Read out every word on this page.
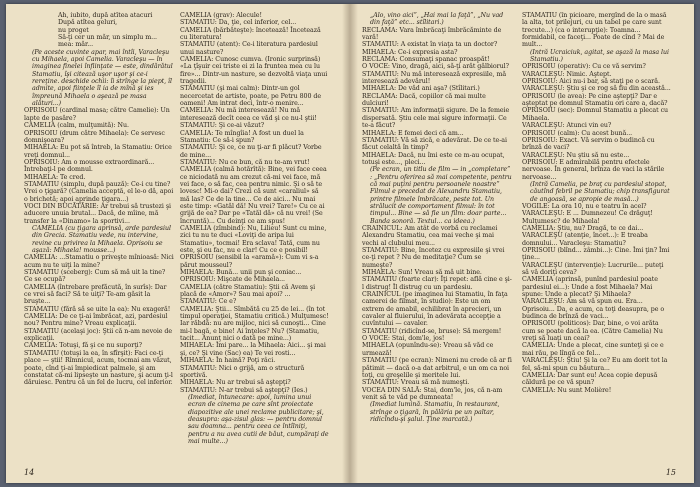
Ah, iubito, după atîtea atacuri

După atîtea geluri,

nu proget

Să-ţi cer un măr, un simplu m...

mea: măr...

(Pe aceste cuvinte apar, mai întîi, Varacleşu cu Mihaela, apoi Camelia. Varacleşu — în imaginea finelei înfiinţate — este, dindărătul Stamatiu, îşi citează uşor uşor şi ce-i rereţine. deschide ochii: îi strînge la piept, îl admite, apoi fiinţele îl ia de mînă şi ies împreună Mihaela o aşează pe masa alături...)

OPRISOIU (cardinal masa; către Camelie): Un lapte de pasăre?

CAMELIA (calm, mulţumită): Nu.

OPRISOIU (drum către Mihaela): Ce servesc domnişoara?

MIHAELA: Eu pot să întreb, la Stamatiu: Orice vreţi domnul...

OPRISOIU: Am o mousse extraordinară... Întrebaţi-l pe domnul.

MIHAELA: Te cred.

STAMATIU (simplu, după pauză): Ce-i cu tine? Vrei o ţigară? (Camelia acceptă, el le-o dă, apoi o brichetă; apoi aprinde ţigara...)

VOCI DIN BUCĂTĂRIE: Ar trebui să trustezi şi aducere unuia brutal... Dacă, de mîine, mă transfer la «Dinamo» la sportivi...

CAMELIA (cu ţigara aprinsă, arde pardesiul din Grecia. Stamatiu vede, nu intervine, revine cu privirea la Mihaela. Oprisoiu se aşază: Mihaela! mousse...)

CAMELIA: ...Stamatiu o priveşte mînioasă: Nici acum nu te uiţi la mine?

STAMATIU (sceberg): Cum să mă uit la tine? Ce se ocupă?

CAMELIA (întrebare prefăcută, în surîs): Dar ce vrei să faci? Să te uiţi? Te-am găsit la bruşte...

STAMATIU (fără să se uite la ea): Nu exageră!

CAMELIA: De ce ţi-ai îmbrăcat, azi, pardesiul nou? Pentru mine? Vreau explicaţii.

STAMATIU (acelaşi joc): Ştii că n-am nevoie de explicaţii.

CAMELIA: Totuşi, fă şi ce nu suporţi?

STAMATIU (totuşi la ea, în sfîrşit): Faci ce-ţi place — ştii! Rîmnicul, acum, tocmai am văzut, poate, cînd ţi-ai împiedicat palmele, şi am constatat că-mi lipseşte un nasture, şi acum ţi-l dăruiesc. Pentru că un fel de lucru, cel inferior.

CAMELIA (grav): Alecule!

STAMATIU: Da, ţie, cel inferior, cel...

CAMELIA (bărbăteşte): încetează! Încetează cu literatura!

STAMATIU (atent): Ce-i literatura pardesiul unui nasture?

CAMELIA: Cunosc cumva. (Ironic surprinsă) «La ţîşuir cei triste ei zi la fruntea mea cu lu fire»... Dintr-un nasture, se dezvoltă viaţa unui tragedii.

STAMATIU (şi mai calm): Dintr-un gol necercetat de artiste, poate, pe Petru 800 de oameni! Am intrat deci, într-o menire...

CAMELIA: Nu mă interesează! Nu mă interesează decît ceea ce văd şi ce nu-l ştii!

STAMATIU: Şi ce-ai văzut?

CAMELIA: Te mîngîia! A fost un duel la Stamatiu: Ce să-i spun?

STAMATIU: Şi ce, ce nu ţi-ar fi plăcut? Vorbe de mine...

STAMATIU: Nu ce bun, că nu te-am vrut!

CAMELIA (calmă hotărîtă): Bine, vei face ceea ce niciodată nu am crezut că-mi vei face, mă vei face, o să fac, cea pentru nimic. Şi o să te lovesc! Mi-o dai? Crezi că sunt «caraliul» să mă las? Ce de la tine... Ce de aici... Nu mai este timp: «Gatăl dă! Nu vrei? Tare!» Cu ce ai grijă de ea? Dar pe «Tatăl dă» că nu vrei! (Se încruntă)... Cu deinţi ce am spus!

CAMELIA (zîmbind): Nu, Lilieu! Sunt cu mine, zici tu nu te duci «Loviţi de aripa lui Stamatiu», tocmai! Era sclava! Tată, cum nu este, şi eu fac, nu e clar! Cu ce e posibil!

OPRISOIU (sensibil la «aramă»): Cum vi s-a părut mousseul?

MIHAELA: Bună... unii pun şi coniac...

OPRISOIU: Mişcate de Mihaela...

CAMELIA (către Stamatiu): Ştii că Avem şi placă de «Amor»? Sau mai apoi? ...

STAMATIU: Ce e?

CAMELIA: Ştii... Sîmbătă cu 25 de lei... (în tot timpul operaţiei, Stamatiu critică.) Mulţumesc! Iar răbdă: nu are mijloc, nici să cunoşti... Cine mi-l bagă, e bine! Ai înţeles? Nu? (Stamatiu, tacit... Anunţ nici o dată pe mine...)

MIHAELA: Îmi pare... la Mihaela: Aici... şi mai şi, ce? Şi vine (Sac) ea) Te vei rosti...

MIHAELA: În haină? Poţi râci.

STAMATIU: Nici o grijă, am o structură sportivă.

MIHAELA: Nu ar trebui să aştepţi?

STAMATIU: N-ar trebui să aştepţi? (Ies.)

(Imediat, întunecare: apoi, lumina unui ecran de cinema pe care sînt proiectate diapozitive ale unei reclame publicitare; şi, deasupra: aşa-zisul glas: — pentru domnul sau doamna... pentru ceea ce întîlniţi, pentru a nu avea cutii de băut, cumpăraţi de mai multe...)

14

„Alo, vino aici”, „Hai mai la faţă”, „Nu vad din faţă” etc... stîlitari.)

RECLAMA: Vara îmbrăcaţi îmbrăcăminte de vară!

STAMATIU: A existat în viaţa ta un doctor?

MIHAELA: Ce-i expresia asta?

RECLAMA: Consumaţi spanac proaspăt!

O VOCE: Vino, dragă, aici, să-ţi arăt gălbiorul?

STAMATIU: Nu mă interesează expresiile, mă interesează adevărul!

MIHAELA: De văd ani aşa? (Stîlitari.)

RECLAMA: Dacă, copiilor că mai multe dulciuri!

STAMATIU: Am informaţii sigure. De la femeie dispersată. Ştiu cele mai sigure informaţii. Ce te-a făcut?

MIHAELA: E femei deci că am...

STAMATIU: Vă să zică, e adevărat. De ce te-ai făcut celaltă în timp?

MIHAELA: Dacă, nu îmi este ce m-au ocupat, totuşi este..., pleci...

(Pe ecran, un titlu de film — in „completare” : „Pentru oferirea să mai competente, pentru că mai puţini pentru persoanele noastre” Filmul e precedat de Alexandru Stamatiu, printre filmele îmbrăcate, peste tot. Un strălucit de comportament filmul: în tot timpul... Bine — să fie un film: doar parte... Banda sonoră. Textul... ca ideea.)

CRAINICUL: Am atât de vorbă cu reclamei Alexandru Stamatiu, cea mai veche şi mai vechi al clubului meu...

STAMATIU: Bine, încetez cu expresiile şi vrei ce-ţi repet ? Nu de meditaţie? Cum se numeşte?

MIHAELA: Sun! Vreau să mă uit bine.

STAMATIU (foarte clar): Îţi repet: află cine e şi-l distrug! Îl distrug cu un pardesiu.

CRAINICUL (pe imaginea lui Stamatiu, în faţa camerei de filmat, în studio): Este un om extrem de amabil, echilibrat în aprecieri, un cavaler al fluierului, în adevărata accepţie a cuvîntului — cavaler.

STAMATIU (ridicînd-se, bruse): Să mergem!

O VOCE: Stai, dom'le, jos!

MIHAELA (opunîndu-se): Vreau să văd ce urmează!

STAMATIU (pe ecran): Nimeni nu crede că ar fi pătimit — dacă o-a dat arbitrul, e un om ca noi toţi, cu greşelile şi meritele lui.

STAMATIU: Vreau să mă numeşti.

VOCEA DIN SALĂ: Stai, dom'le, jos, că n-am venit să te văd pe dumneata!

(Imediat lumină. Stamatiu, în restaurant, strînge o ţigară, în pălăria pe un paltar, ridicîndu-şi şalul. Ţine marcată.)

STAMATIU (în picioare, mergînd de la o masă la alta, tot prilejuri, cu un tabel pe care sunt trecute...) (ca o interupţie): Toamna... formidabil, ce faceţi... Poate de cînd ? Mai de mult...

(Intră Ucraiciuk, agitat, se aşază la masa lui Stamatiu.)

OPRISOIU (operativ): Cu ce vă servim?

VARACLEŞU: Nimic. Aştept.

OPRISOIU: Aici nu-i bar, să staţi pe o scară.

VARACLEŞU: Ştiu şi ce rog să fiu din această...

OPRISOIU (le avea): Pe cine aştepţi? Dar e aşteptat pe domnul Stamatiu ori care a, dacă?

OPRISOIU (sec): Domnul Stamatiu a plecat cu Mihaela.

VARACLEŞU: Atunci vin eu?

OPRISOIU (calm): Cu acest bună...

OPRISOIU: Exact. Vă servim o budincă cu brînză de vaci?

VARACLEŞU: Nu ştiu să nu este...

OPRISOIU: E admirabilă pentru efectele nervoase. În general, brînza de vaci la stările nervoase...

(Intră Camelia, pe braţ cu pardesiul stopat, căutînd febril pe Stamatiu; chip transfigurat de angoasă, se apropie de masă...)

VOGILE: La ora 10, nu e teatru în acel?

VARACLEŞU: E ... Dumnezeu! Ce drăguţ! Mulţumesc? de Mihaela!

CAMELIA: Ştiu, nu? Dragă, te ce dai...

VARACLEŞU (atenţie, încet...): E treaba domnului... Varacleşu: Stamatiu?

OPRISOIU (blînd... zâmbi...): Cine. Îmi ţin? Îmi ţine...

VARACLEŞU (intervenţie): Lucrurile... puteţi să vă doriţi ceva?

CAMELIA (aprinsă, punînd pardesiul poate pardesiul ei...): Unde a fost Mihaela? Mai spune: Unde a plecat? Şi Mihaela?

VARACLEŞU: Am să vă spun eu. Era... Oprisoiu... Da, e acum, ca toţi deasupra, pe o budinca de brînză de vaci...

OPRISOIU (politicos): Dar, bine, o voi arăta cum se poate dacă la ea. (Către Camelia) Nu vreţi să luaţi un ceai?

CAMELIA: Unde a plecat, cine sunteţi şi ce e mai rău, pe lîngă ce fel...

VARACLEŞU: Ştiu! Şi la ce? Eu am dorit tot la fel, să-mi spun cu băutura...

CAMELIA: Dar sunt eu! Acea copie depusă căldură pe ce vă spun?

CAMELIA: Nu sunt Molière!

15
